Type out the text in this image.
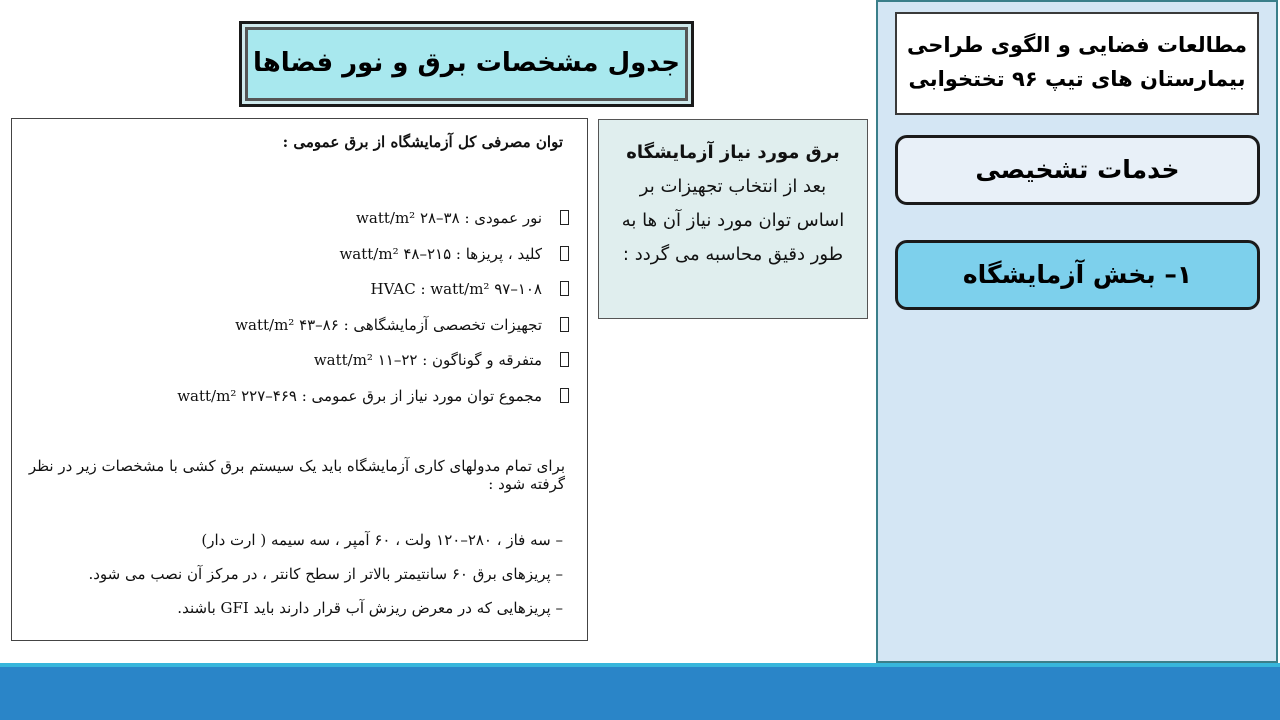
مطالعات فضایی و الگوی طراحی
بیمارستان های تیپ ۹۶ تختخوابی
خدمات تشخیصی
۱– بخش آزمایشگاه
جدول مشخصات برق و نور فضاها
برق مورد نیاز آزمایشگاه
بعد از انتخاب تجهیزات بر
اساس توان مورد نیاز آن ها به
طور دقیق محاسبه می گردد :
توان مصرفی کل آزمایشگاه از برق عمومی :
نور عمودی : watt/m² ۲۸–۳۸
کلید ، پریزها : watt/m² ۴۸–۲۱۵
HVAC : watt/m² ۹۷–۱۰۸
تجهیزات تخصصی آزمایشگاهی : watt/m² ۴۳–۸۶
متفرقه و گوناگون : watt/m² ۱۱–۲۲
مجموع توان مورد نیاز از برق عمومی : watt/m² ۲۲۷–۴۶۹
برای تمام مدولهای کاری آزمایشگاه باید یک سیستم برق کشی با مشخصات زیر در نظر گرفته شود :
– سه فاز ، ۲۸۰–۱۲۰ ولت ، ۶۰ آمپر ، سه سیمه ( ارت دار)
– پریزهای برق ۶۰ سانتیمتر بالاتر از سطح کانتر ، در مرکز آن نصب می شود.
– پریزهایی که در معرض ریزش آب قرار دارند باید GFI باشند.
